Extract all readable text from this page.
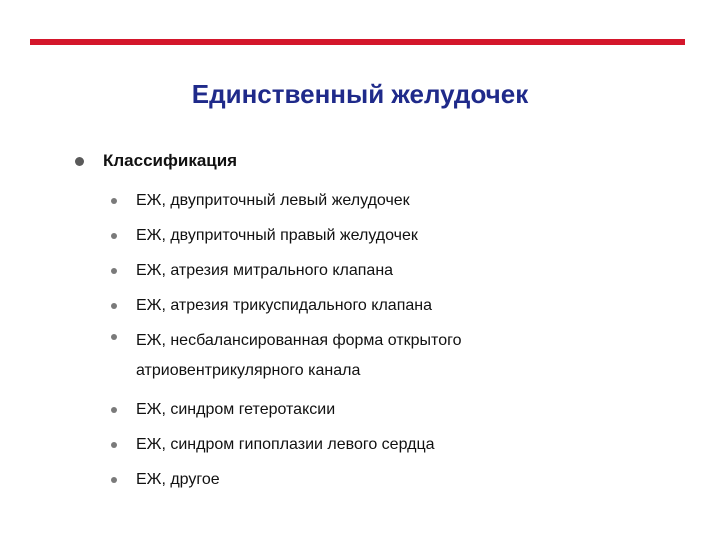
Единственный желудочек
Классификация
ЕЖ, двуприточный левый желудочек
ЕЖ, двуприточный правый желудочек
ЕЖ, атрезия митрального клапана
ЕЖ, атрезия трикуспидального клапана
ЕЖ, несбалансированная форма открытого атриовентрикулярного канала
ЕЖ, синдром гетеротаксии
ЕЖ, синдром гипоплазии левого сердца
ЕЖ, другое
